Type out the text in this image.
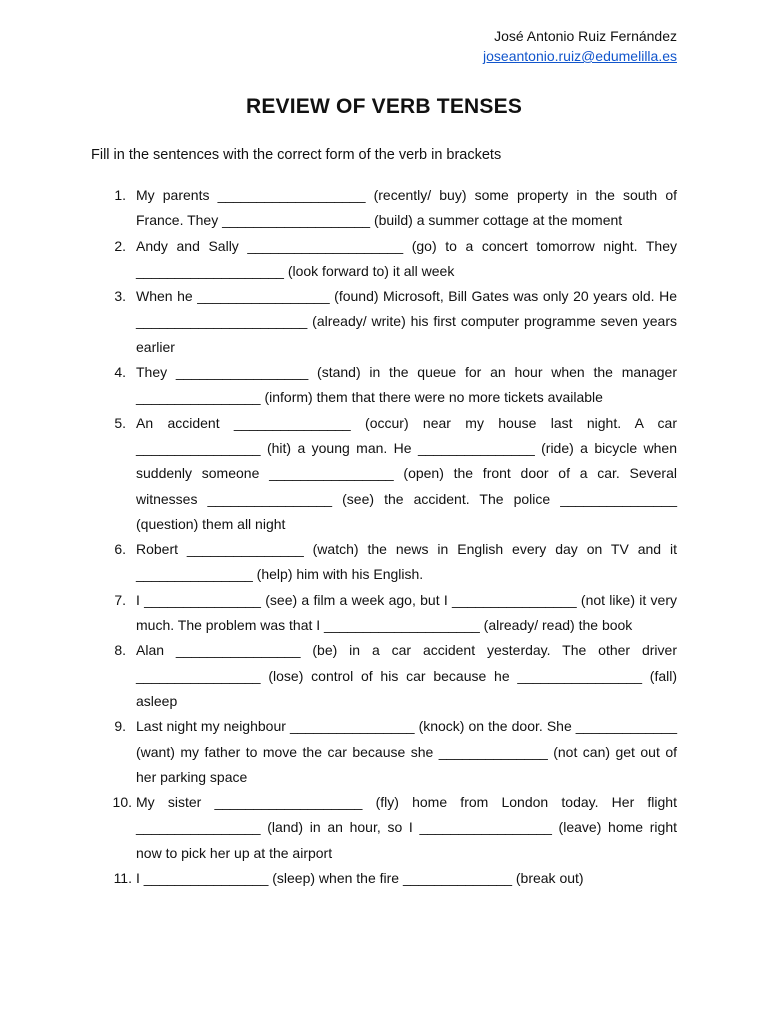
José Antonio Ruiz Fernández
joseantonio.ruiz@edumelilla.es
REVIEW OF VERB TENSES

Fill in the sentences with the correct form of the verb in brackets

1. My parents ___________________ (recently/ buy) some property in the south of France. They ___________________ (build) a summer cottage at the moment
2. Andy and Sally ____________________ (go) to a concert tomorrow night. They ___________________ (look forward to) it all week
3. When he _________________ (found) Microsoft, Bill Gates was only 20 years old. He ______________________ (already/ write) his first computer programme seven years earlier
4. They _________________ (stand) in the queue for an hour when the manager ________________ (inform) them that there were no more tickets available
5. An accident _______________ (occur) near my house last night. A car ________________ (hit) a young man. He _______________ (ride) a bicycle when suddenly someone ________________ (open) the front door of a car. Several witnesses ________________ (see) the accident. The police _______________ (question) them all night
6. Robert _______________ (watch) the news in English every day on TV and it _______________ (help) him with his English.
7. I _______________ (see) a film a week ago, but I ________________ (not like) it very much. The problem was that I ____________________ (already/ read) the book
8. Alan ________________ (be) in a car accident yesterday. The other driver ________________ (lose) control of his car because he ________________ (fall) asleep
9. Last night my neighbour ________________ (knock) on the door. She _____________ (want) my father to move the car because she ______________ (not can) get out of her parking space
10. My sister ___________________ (fly) home from London today. Her flight ________________ (land) in an hour, so I _________________ (leave) home right now to pick her up at the airport
11. I ________________ (sleep) when the fire ______________ (break out)
